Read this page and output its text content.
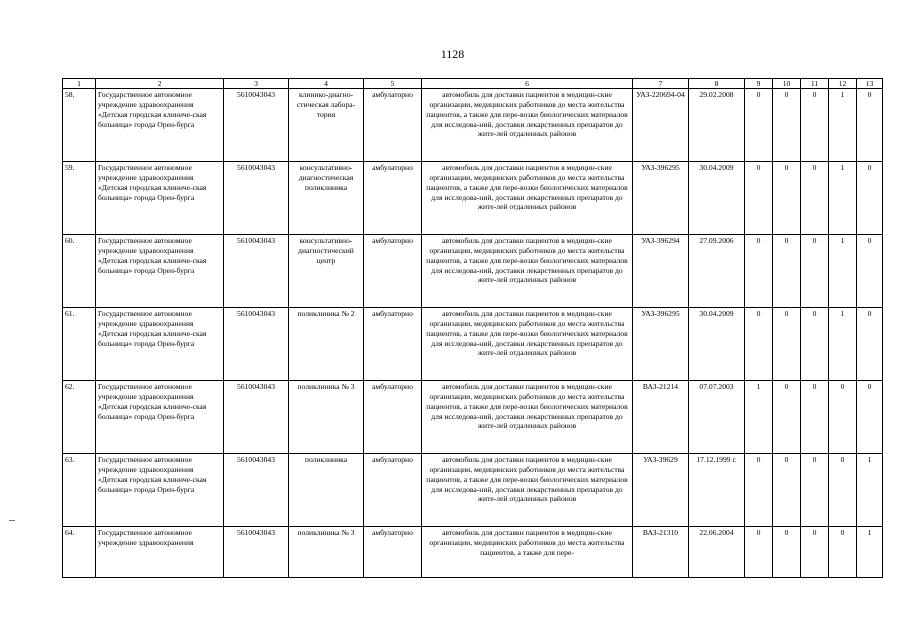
1128
1	2	3	4	5	6	7	8	9	10	11	12	13
58.	Государственное автономное учреждение здравоохранения «Детская городская клиниче-ская больница» города Орен-бурга	5610043043	клинико-диагно-стическая лабора-тория	амбулаторно	автомобиль для доставки пациентов в медицин-ские организации, медицинских работников до места жительства пациентов, а также для пере-возки биологических материалов для исследова-ний, доставки лекарственных препаратов до жите-лей отдаленных районов	УАЗ-220694-04	29.02.2008	0	0	0	1	0
59.	Государственное автономное учреждение здравоохранения «Детская городская клиниче-ская больница» города Орен-бурга	5610043043	консультативно-диагностическая поликлиника	амбулаторно	автомобиль для доставки пациентов в медицин-ские организации, медицинских работников до места жительства пациентов, а также для пере-возки биологических материалов для исследова-ний, доставки лекарственных препаратов до жите-лей отдаленных районов	УАЗ-396295	30.04.2009	0	0	0	1	0
60.	Государственное автономное учреждение здравоохранения «Детская городская клиниче-ская больница» города Орен-бурга	5610043043	консультативно-диагностический центр	амбулаторно	автомобиль для доставки пациентов в медицин-ские организации, медицинских работников до места жительства пациентов, а также для пере-возки биологических материалов для исследова-ний, доставки лекарственных препаратов до жите-лей отдаленных районов	УАЗ-396294	27.09.2006	0	0	0	1	0
61.	Государственное автономное учреждение здравоохранения «Детская городская клиниче-ская больница» города Орен-бурга	5610043043	поликлиника № 2	амбулаторно	автомобиль для доставки пациентов в медицин-ские организации, медицинских работников до места жительства пациентов, а также для пере-возки биологических материалов для исследова-ний, доставки лекарственных препаратов до жите-лей отдаленных районов	УАЗ-396295	30.04.2009	0	0	0	1	0
62.	Государственное автономное учреждение здравоохранения «Детская городская клиниче-ская больница» города Орен-бурга	5610043043	поликлиника № 3	амбулаторно	автомобиль для доставки пациентов в медицин-ские организации, медицинских работников до места жительства пациентов, а также для пере-возки биологических материалов для исследова-ний, доставки лекарственных препаратов до жите-лей отдаленных районов	ВАЗ-21214	07.07.2003	1	0	0	0	0
63.	Государственное автономное учреждение здравоохранения «Детская городская клиниче-ская больница» города Орен-бурга	5610043043	поликлиника	амбулаторно	автомобиль для доставки пациентов в медицин-ские организации, медицинских работников до места жительства пациентов, а также для пере-возки биологических материалов для исследова-ний, доставки лекарственных препаратов до жите-лей отдаленных районов	УАЗ-39629	17.12.1999 г.	0	0	0	0	1
64.	Государственное автономное учреждение здравоохранения	5610043043	поликлиника № 3	амбулаторно	автомобиль для доставки пациентов в медицин-ские организации, медицинских работников до места жительства пациентов, а также для пере-	ВАЗ-21310	22.06.2004	0	0	0	0	1
